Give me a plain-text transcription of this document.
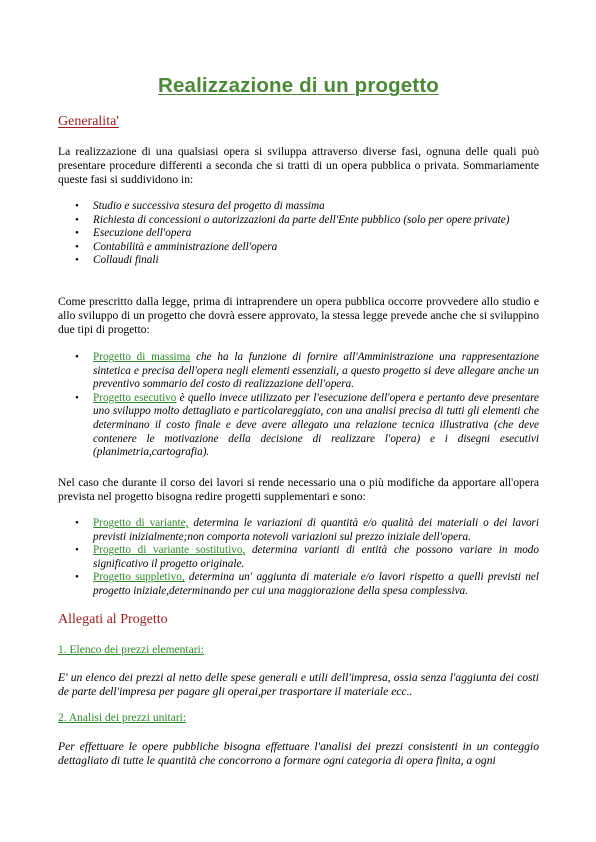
Realizzazione di un progetto
Generalita'

La realizzazione di una qualsiasi opera si sviluppa attraverso diverse fasi, ognuna delle quali può presentare procedure differenti a seconda che si tratti di un opera pubblica o privata. Sommariamente queste fasi si suddividono in:

• Studio e successiva stesura del progetto di massima
• Richiesta di concessioni o autorizzazioni da parte dell'Ente pubblico (solo per opere private)
• Esecuzione dell'opera
• Contabilità e amministrazione dell'opera
• Collaudi finali

Come prescritto dalla legge, prima di intraprendere un opera pubblica occorre provvedere allo studio e allo sviluppo di un progetto che dovrà essere approvato, la stessa legge prevede anche che si sviluppino due tipi di progetto:

• Progetto di massima che ha la funzione di fornire all'Amministrazione una rappresentazione sintetica e precisa dell'opera negli elementi essenziali, a questo progetto si deve allegare anche un preventivo sommario del costo di realizzazione dell'opera.
• Progetto esecutivo è quello invece utilizzato per l'esecuzione dell'opera e pertanto deve presentare uno sviluppo molto dettagliato e particolareggiato, con una analisi precisa di tutti gli elementi che determinano il costo finale e deve avere allegato una relazione tecnica illustrativa (che deve contenere le motivazione della decisione di realizzare l'opera) e i disegni esecutivi (planimetria,cartografia).

Nel caso che durante il corso dei lavori si rende necessario una o più modifiche da apportare all'opera prevista nel progetto bisogna redire progetti supplementari e sono:

• Progetto di variante, determina le variazioni di quantità e/o qualità dei materiali o dei lavori previsti inizialmente;non comporta notevoli variazioni sul prezzo iniziale dell'opera.
• Progetto di variante sostitutivo, determina varianti di entità che possono variare in modo significativo il progetto originale.
• Progetto suppletivo, determina un' aggiunta di materiale e/o lavori rispetto a quelli previsti nel progetto iniziale,determinando per cui una maggiorazione della spesa complessiva.
Allegati al Progetto
1. Elenco dei prezzi elementari:

E' un elenco dei prezzi al netto delle spese generali e utili dell'impresa, ossia senza l'aggiunta dei costi de parte dell'impresa per pagare gli operai,per trasportare il materiale ecc..

2. Analisi dei prezzi unitari:

Per effettuare le opere pubbliche bisogna effettuare l'analisi dei prezzi consistenti in un conteggio dettagliato di tutte le quantità che concorrono a formare ogni categoria di opera finita, a ogni
